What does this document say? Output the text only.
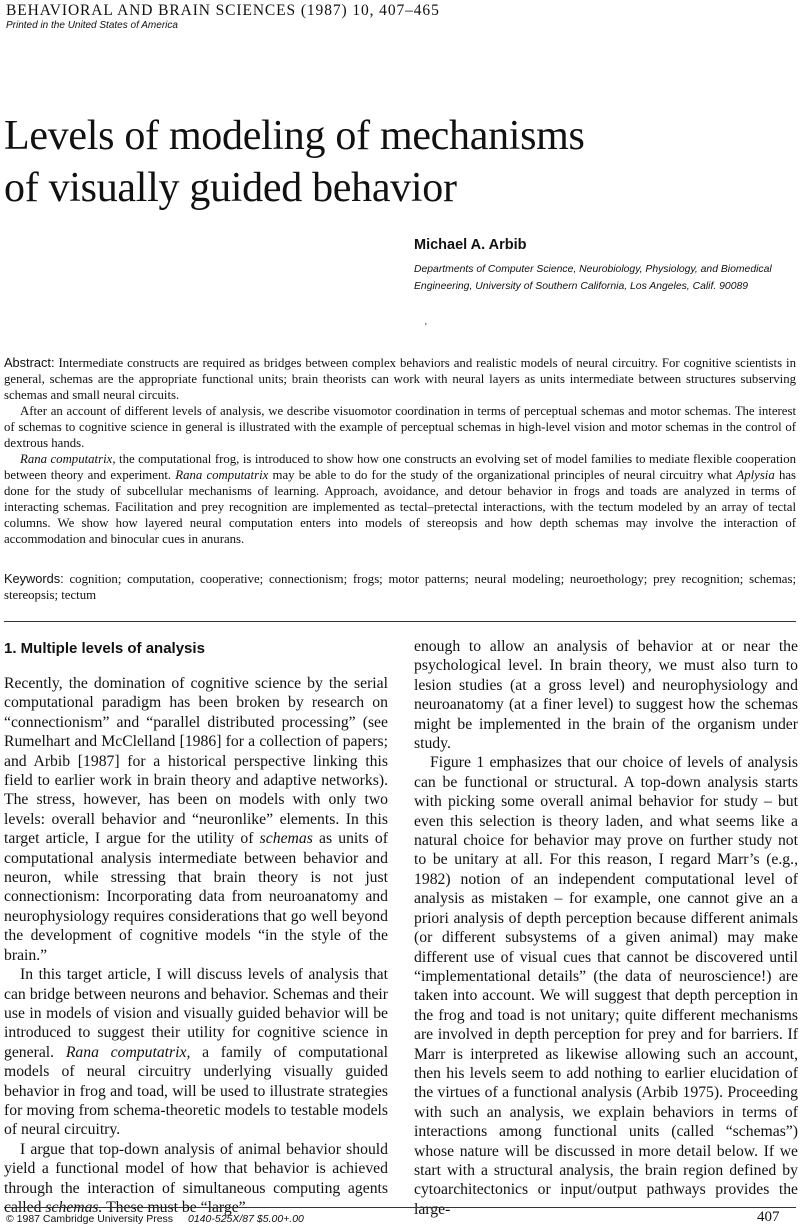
BEHAVIORAL AND BRAIN SCIENCES (1987) 10, 407–465
Printed in the United States of America
Levels of modeling of mechanisms
of visually guided behavior
Michael A. Arbib
Departments of Computer Science, Neurobiology, Physiology, and Biomedical Engineering, University of Southern California, Los Angeles, Calif. 90089
'

Abstract: Intermediate constructs are required as bridges between complex behaviors and realistic models of neural circuitry. For cognitive scientists in general, schemas are the appropriate functional units; brain theorists can work with neural layers as units intermediate between structures subserving schemas and small neural circuits.

After an account of different levels of analysis, we describe visuomotor coordination in terms of perceptual schemas and motor schemas. The interest of schemas to cognitive science in general is illustrated with the example of perceptual schemas in high-level vision and motor schemas in the control of dextrous hands.

Rana computatrix, the computational frog, is introduced to show how one constructs an evolving set of model families to mediate flexible cooperation between theory and experiment. Rana computatrix may be able to do for the study of the organizational principles of neural circuitry what Aplysia has done for the study of subcellular mechanisms of learning. Approach, avoidance, and detour behavior in frogs and toads are analyzed in terms of interacting schemas. Facilitation and prey recognition are implemented as tectal–pretectal interactions, with the tectum modeled by an array of tectal columns. We show how layered neural computation enters into models of stereopsis and how depth schemas may involve the interaction of accommodation and binocular cues in anurans.

Keywords: cognition; computation, cooperative; connectionism; frogs; motor patterns; neural modeling; neuroethology; prey recognition; schemas; stereopsis; tectum
1. Multiple levels of analysis

Recently, the domination of cognitive science by the serial computational paradigm has been broken by research on “connectionism” and “parallel distributed processing” (see Rumelhart and McClelland [1986] for a collection of papers; and Arbib [1987] for a historical perspective linking this field to earlier work in brain theory and adaptive networks). The stress, however, has been on models with only two levels: overall behavior and “neuronlike” elements. In this target article, I argue for the utility of schemas as units of computational analysis intermediate between behavior and neuron, while stressing that brain theory is not just connectionism: Incorporating data from neuroanatomy and neurophysiology requires considerations that go well beyond the development of cognitive models “in the style of the brain.”

In this target article, I will discuss levels of analysis that can bridge between neurons and behavior. Schemas and their use in models of vision and visually guided behavior will be introduced to suggest their utility for cognitive science in general. Rana computatrix, a family of computational models of neural circuitry underlying visually guided behavior in frog and toad, will be used to illustrate strategies for moving from schema-theoretic models to testable models of neural circuitry.

I argue that top-down analysis of animal behavior should yield a functional model of how that behavior is achieved through the interaction of simultaneous computing agents called schemas. These must be “large”

enough to allow an analysis of behavior at or near the psychological level. In brain theory, we must also turn to lesion studies (at a gross level) and neurophysiology and neuroanatomy (at a finer level) to suggest how the schemas might be implemented in the brain of the organism under study.

Figure 1 emphasizes that our choice of levels of analysis can be functional or structural. A top-down analysis starts with picking some overall animal behavior for study – but even this selection is theory laden, and what seems like a natural choice for behavior may prove on further study not to be unitary at all. For this reason, I regard Marr’s (e.g., 1982) notion of an independent computational level of analysis as mistaken – for example, one cannot give an a priori analysis of depth perception because different animals (or different subsystems of a given animal) may make different use of visual cues that cannot be discovered until “implementational details” (the data of neuroscience!) are taken into account. We will suggest that depth perception in the frog and toad is not unitary; quite different mechanisms are involved in depth perception for prey and for barriers. If Marr is interpreted as likewise allowing such an account, then his levels seem to add nothing to earlier elucidation of the virtues of a functional analysis (Arbib 1975). Proceeding with such an analysis, we explain behaviors in terms of interactions among functional units (called “schemas”) whose nature will be discussed in more detail below. If we start with a structural analysis, the brain region defined by cytoarchitectonics or input/output pathways provides the large-

© 1987 Cambridge University Press 0140-525X/87 $5.00+.00	407
